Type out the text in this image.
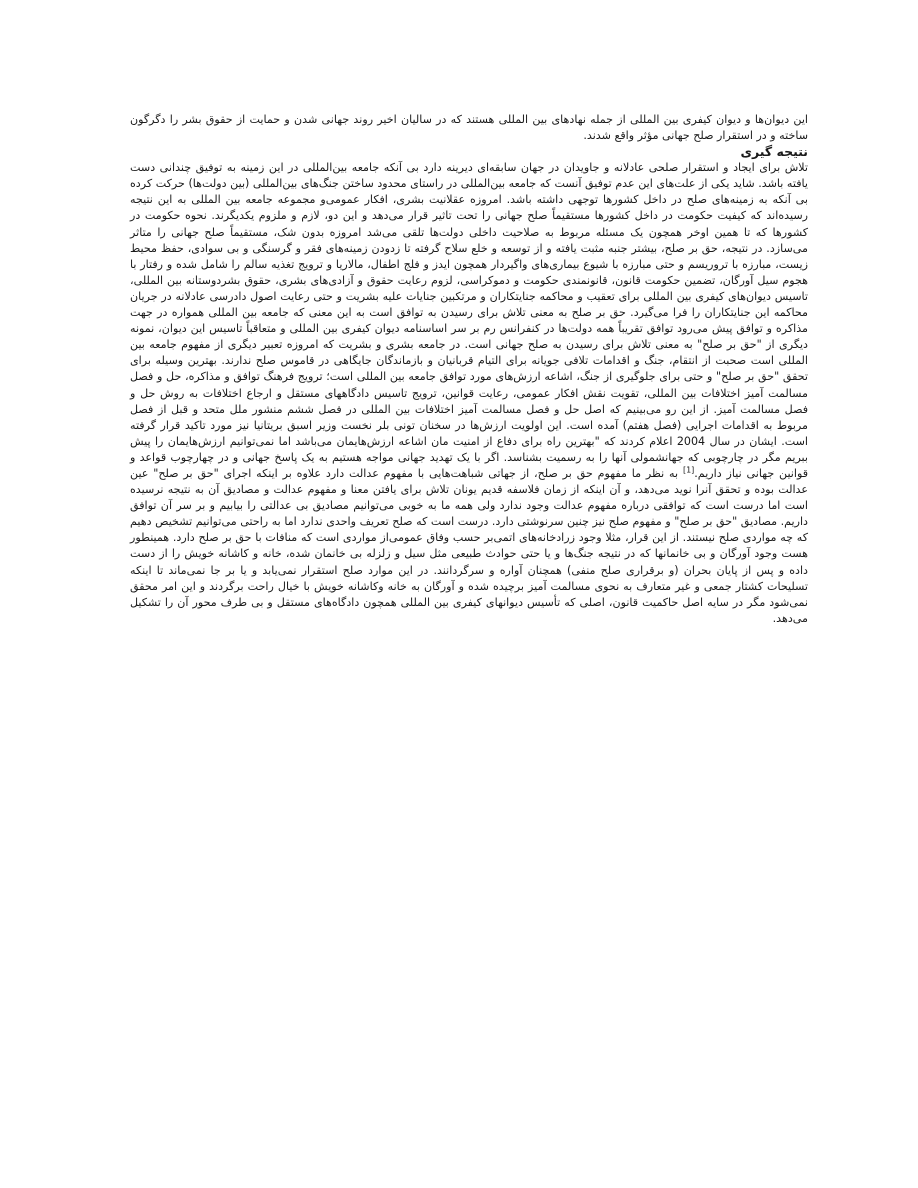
این دیوان‌ها و دیوان کیفری بین المللی از جمله نهادهای بین المللی هستند که در سالیان اخیر روند جهانی شدن و حمایت از حقوق بشر را دگرگون ساخته و در استقرار صلح جهانی مؤثر واقع شدند.

نتیجه گیری

تلاش برای ایجاد و استقرار صلحی عادلانه و جاویدان در جهان سابقه‌ای دیرینه دارد بی آنکه جامعه بین‌المللی در این زمینه به توفیق چندانی دست یافته باشد. شاید یکی از علت‌های این عدم توفیق آنست که جامعه بین‌المللی در راستای محدود ساختن جنگ‌های بین‌المللی (بین دولت‌ها) حرکت کرده بی آنکه به زمینه‌های صلح در داخل کشورها توجهی داشته باشد. امروزه عقلانیت بشری، افکار عمومی‌و مجموعه جامعه بین المللی به این نتیجه رسیده‌اند که کیفیت حکومت در داخل کشورها مستقیماً صلح جهانی را تحت تاثیر قرار می‌دهد و این دو، لازم و ملزوم یکدیگرند. نحوه حکومت در کشورها که تا همین اوخر همچون یک مسئله مربوط به صلاحیت داخلی دولت‌ها تلقی می‌شد امروزه بدون شک، مستقیماً صلح جهانی را متاثر می‌سازد. در نتیجه، حق بر صلح، بیشتر جنبه مثبت یافته و از توسعه و خلع سلاح گرفته تا زدودن زمینه‌های فقر و گرسنگی و بی سوادی، حفظ محیط زیست، مبارزه با تروریسم و حتی مبارزه با شیوع بیماری‌های واگیردار همچون ایدز و فلج اطفال، مالاریا و ترویج تغذیه سالم را شامل شده و رفتار با هجوم سیل آورگان، تضمین حکومت قانون، قانونمندی حکومت و دموکراسی، لزوم رعایت حقوق و آزادی‌های بشری، حقوق بشردوستانه بین المللی، تاسیس دیوان‌های کیفری بین المللی برای تعقیب و محاکمه جنایتکاران و مرتکبین جنایات علیه بشریت و حتی رعایت اصول دادرسی عادلانه در جریان محاکمه این جنایتکاران را فرا می‌گیرد. حق بر صلح به معنی تلاش برای رسیدن به توافق است به این معنی که جامعه بین المللی همواره در جهت مذاکره و توافق پیش می‌رود توافق تقریباً همه دولت‌ها در کنفرانس رم بر سر اساسنامه دیوان کیفری بین المللی و متعاقباً تاسیس این دیوان، نمونه دیگری از "حق بر صلح" به معنی تلاش برای رسیدن به صلح جهانی است. در جامعه بشری و بشریت که امروزه تعبیر دیگری از مفهوم جامعه بین المللی است صحبت از انتقام، جنگ و اقدامات تلافی جویانه برای التیام قربانیان و بازماندگان جایگاهی در قاموس صلح ندارند. بهترین وسیله برای تحقق "حق بر صلح" و حتی برای جلوگیری از جنگ، اشاعه ارزش‌های مورد توافق جامعه بین المللی است؛ ترویج فرهنگ توافق و مذاکره، حل و فصل مسالمت آمیز اختلافات بین المللی، تقویت نقش افکار عمومی، رعایت قوانین، ترویج تاسیس دادگاههای مستقل و ارجاع اختلافات به روش حل و فصل مسالمت آمیز. از این رو می‌بینیم که اصل حل و فصل مسالمت آمیز اختلافات بین المللی در فصل ششم منشور ملل متحد و قبل از فصل مربوط به اقدامات اجرایی (فصل هفتم) آمده است. این اولویت ارزش‌ها در سخنان تونی بلر نخست وزیر اسبق بریتانیا نیز مورد تاکید قرار گرفته است. ایشان در سال 2004 اعلام کردند که "بهترین راه برای دفاع از امنیت مان اشاعه ارزش‌هایمان می‌باشد اما نمی‌توانیم ارزش‌هایمان را پیش ببریم مگر در چارچوبی که جهانشمولی آنها را به رسمیت بشناسد. اگر با یک تهدید جهانی مواجه هستیم به یک پاسخ جهانی و در چهارچوب قواعد و قوانین جهانی نیاز داریم.[1] به نظر ما مفهوم حق بر صلح، از جهاتی شباهت‌هایی با مفهوم عدالت دارد علاوه بر اینکه اجرای "حق بر صلح" عین عدالت بوده و تحقق آنرا نوید می‌دهد، و آن اینکه از زمان فلاسفه قدیم یونان تلاش برای یافتن معنا و مفهوم عدالت و مصادیق آن به نتیجه نرسیده است اما درست است که توافقی درباره مفهوم عدالت وجود ندارد ولی همه ما به خوبی می‌توانیم مصادیق بی عدالتی را بیابیم و بر سر آن توافق داریم. مصادیق "حق بر صلح" و مفهوم صلح نیز چنین سرنوشتی دارد. درست است که صلح تعریف واحدی ندارد اما به راحتی می‌توانیم تشخیص دهیم که چه مواردی صلح نیستند. از این قرار، مثلا وجود زرادخانه‌های اتمی‌بر حسب وفاق عمومی‌از مواردی است که منافات با حق بر صلح دارد. همینطور هست وجود آورگان و بی خانمانها که در نتیجه جنگ‌ها و یا حتی حوادث طبیعی مثل سیل و زلزله بی خانمان شده، خانه و کاشانه خویش را از دست داده و پس از پایان بحران (و برقراری صلح منفی) همچنان آواره و سرگردانند. در این موارد صلح استقرار نمی‌یابد و یا بر جا نمی‌ماند تا اینکه تسلیحات کشتار جمعی و غیر متعارف به نحوی مسالمت آمیز برچیده شده و آورگان به خانه وکاشانه خویش با خیال راحت برگردند و این امر محقق نمی‌شود مگر در سایه اصل حاکمیت قانون، اصلی که تأسیس دیوانهای کیفری بین المللی همچون دادگاه‌های مستقل و بی طرف محور آن را تشکیل می‌دهد.
